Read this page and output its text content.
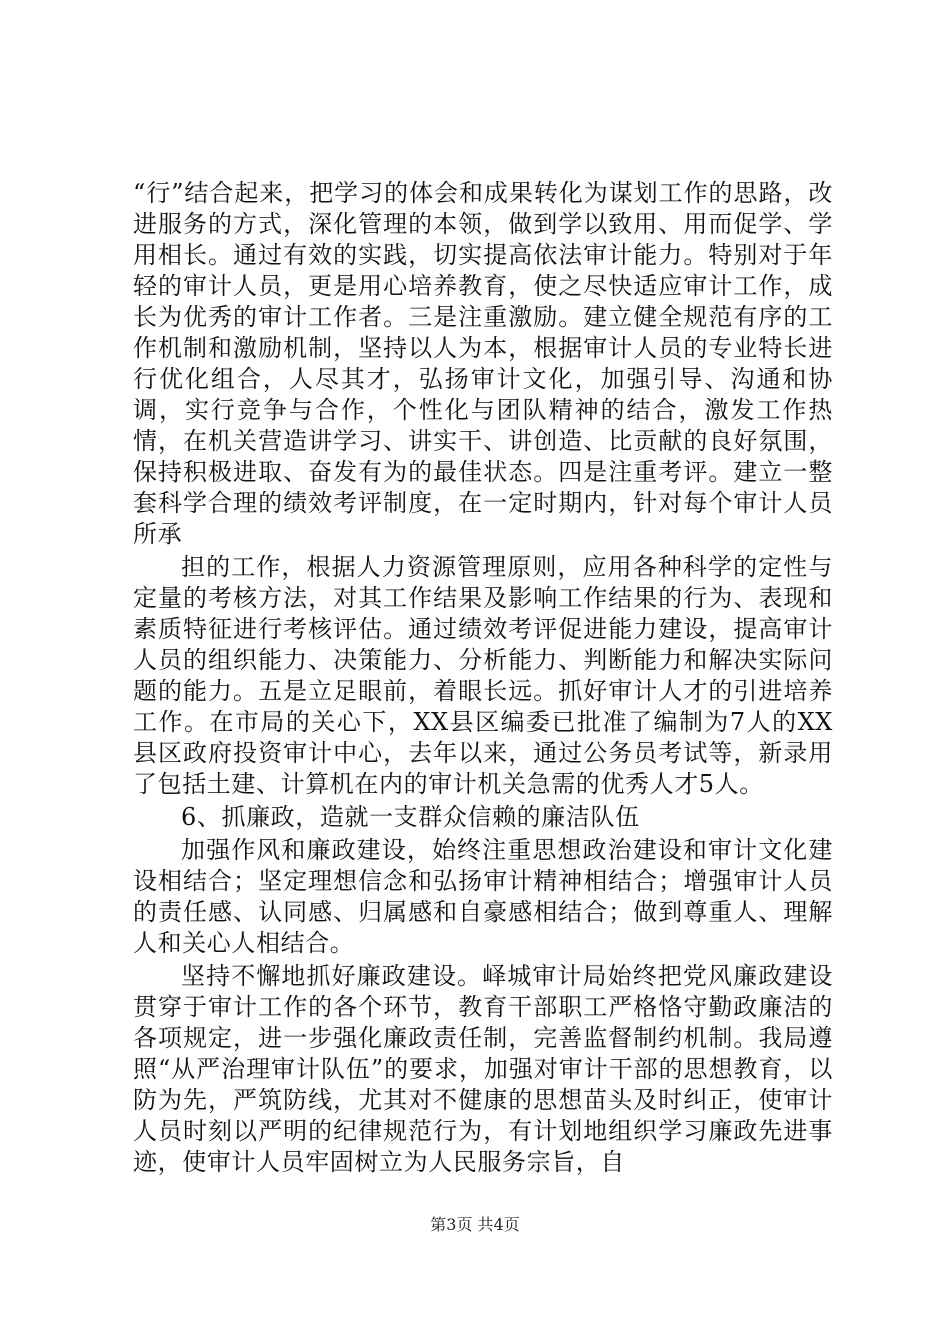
“行”结合起来，把学习的体会和成果转化为谋划工作的思路，改进服务的方式，深化管理的本领，做到学以致用、用而促学、学用相长。通过有效的实践，切实提高依法审计能力。特别对于年轻的审计人员，更是用心培养教育，使之尽快适应审计工作，成长为优秀的审计工作者。三是注重激励。建立健全规范有序的工作机制和激励机制，坚持以人为本，根据审计人员的专业特长进行优化组合，人尽其才，弘扬审计文化，加强引导、沟通和协调，实行竞争与合作，个性化与团队精神的结合，激发工作热情，在机关营造讲学习、讲实干、讲创造、比贡献的良好氛围，保持积极进取、奋发有为的最佳状态。四是注重考评。建立一整套科学合理的绩效考评制度，在一定时期内，针对每个审计人员所承

担的工作，根据人力资源管理原则，应用各种科学的定性与定量的考核方法，对其工作结果及影响工作结果的行为、表现和素质特征进行考核评估。通过绩效考评促进能力建设，提高审计人员的组织能力、决策能力、分析能力、判断能力和解决实际问题的能力。五是立足眼前，着眼长远。抓好审计人才的引进培养工作。在市局的关心下，XX县区编委已批准了编制为7人的XX县区政府投资审计中心，去年以来，通过公务员考试等，新录用了包括土建、计算机在内的审计机关急需的优秀人才5人。

6、抓廉政，造就一支群众信赖的廉洁队伍

加强作风和廉政建设，始终注重思想政治建设和审计文化建设相结合；坚定理想信念和弘扬审计精神相结合；增强审计人员的责任感、认同感、归属感和自豪感相结合；做到尊重人、理解人和关心人相结合。

坚持不懈地抓好廉政建设。峄城审计局始终把党风廉政建设贯穿于审计工作的各个环节，教育干部职工严格恪守勤政廉洁的各项规定，进一步强化廉政责任制，完善监督制约机制。我局遵照“从严治理审计队伍”的要求，加强对审计干部的思想教育，以防为先，严筑防线，尤其对不健康的思想苗头及时纠正，使审计人员时刻以严明的纪律规范行为，有计划地组织学习廉政先进事迹，使审计人员牢固树立为人民服务宗旨，自

第3页 共4页
